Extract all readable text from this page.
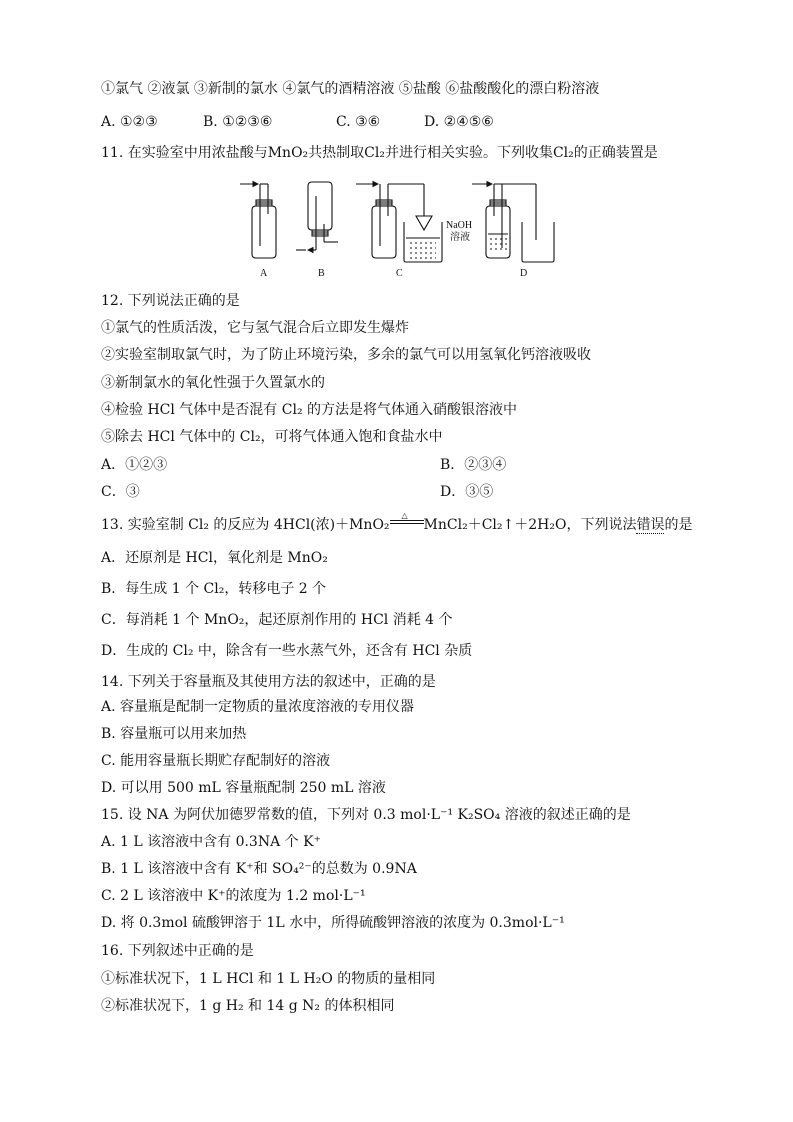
①氯气 ②液氯 ③新制的氯水 ④氯气的酒精溶液 ⑤盐酸 ⑥盐酸酸化的漂白粉溶液
A. ①②③	B. ①②③⑥	C. ③⑥	D. ②④⑤⑥
11. 在实验室中用浓盐酸与MnO₂共热制取Cl₂并进行相关实验。下列收集Cl₂的正确装置是
NaOH
溶液
A	B	C	D
12. 下列说法正确的是
①氯气的性质活泼，它与氢气混合后立即发生爆炸
②实验室制取氯气时，为了防止环境污染，多余的氯气可以用氢氧化钙溶液吸收
③新制氯水的氧化性强于久置氯水的
④检验 HCl 气体中是否混有 Cl₂ 的方法是将气体通入硝酸银溶液中
⑤除去 HCl 气体中的 Cl₂，可将气体通入饱和食盐水中
A．①②③	B．②③④
C．③	D．③⑤
13. 实验室制 Cl₂ 的反应为 4HCl(浓)＋MnO₂
△
MnCl₂＋Cl₂↑＋2H₂O，下列说法错误的是
A．还原剂是 HCl，氧化剂是 MnO₂
B．每生成 1 个 Cl₂，转移电子 2 个
C．每消耗 1 个 MnO₂，起还原剂作用的 HCl 消耗 4 个
D．生成的 Cl₂ 中，除含有一些水蒸气外，还含有 HCl 杂质
14. 下列关于容量瓶及其使用方法的叙述中，正确的是
A. 容量瓶是配制一定物质的量浓度溶液的专用仪器
B. 容量瓶可以用来加热
C. 能用容量瓶长期贮存配制好的溶液
D. 可以用 500 mL 容量瓶配制 250 mL 溶液
15. 设 NA 为阿伏加德罗常数的值，下列对 0.3 mol·L⁻¹ K₂SO₄ 溶液的叙述正确的是
A. 1 L 该溶液中含有 0.3NA 个 K⁺
B. 1 L 该溶液中含有 K⁺和 SO₄²⁻的总数为 0.9NA
C. 2 L 该溶液中 K⁺的浓度为 1.2 mol·L⁻¹
D. 将 0.3mol 硫酸钾溶于 1L 水中，所得硫酸钾溶液的浓度为 0.3mol·L⁻¹
16. 下列叙述中正确的是
①标准状况下，1 L HCl 和 1 L H₂O 的物质的量相同
②标准状况下，1 g H₂ 和 14 g N₂ 的体积相同
